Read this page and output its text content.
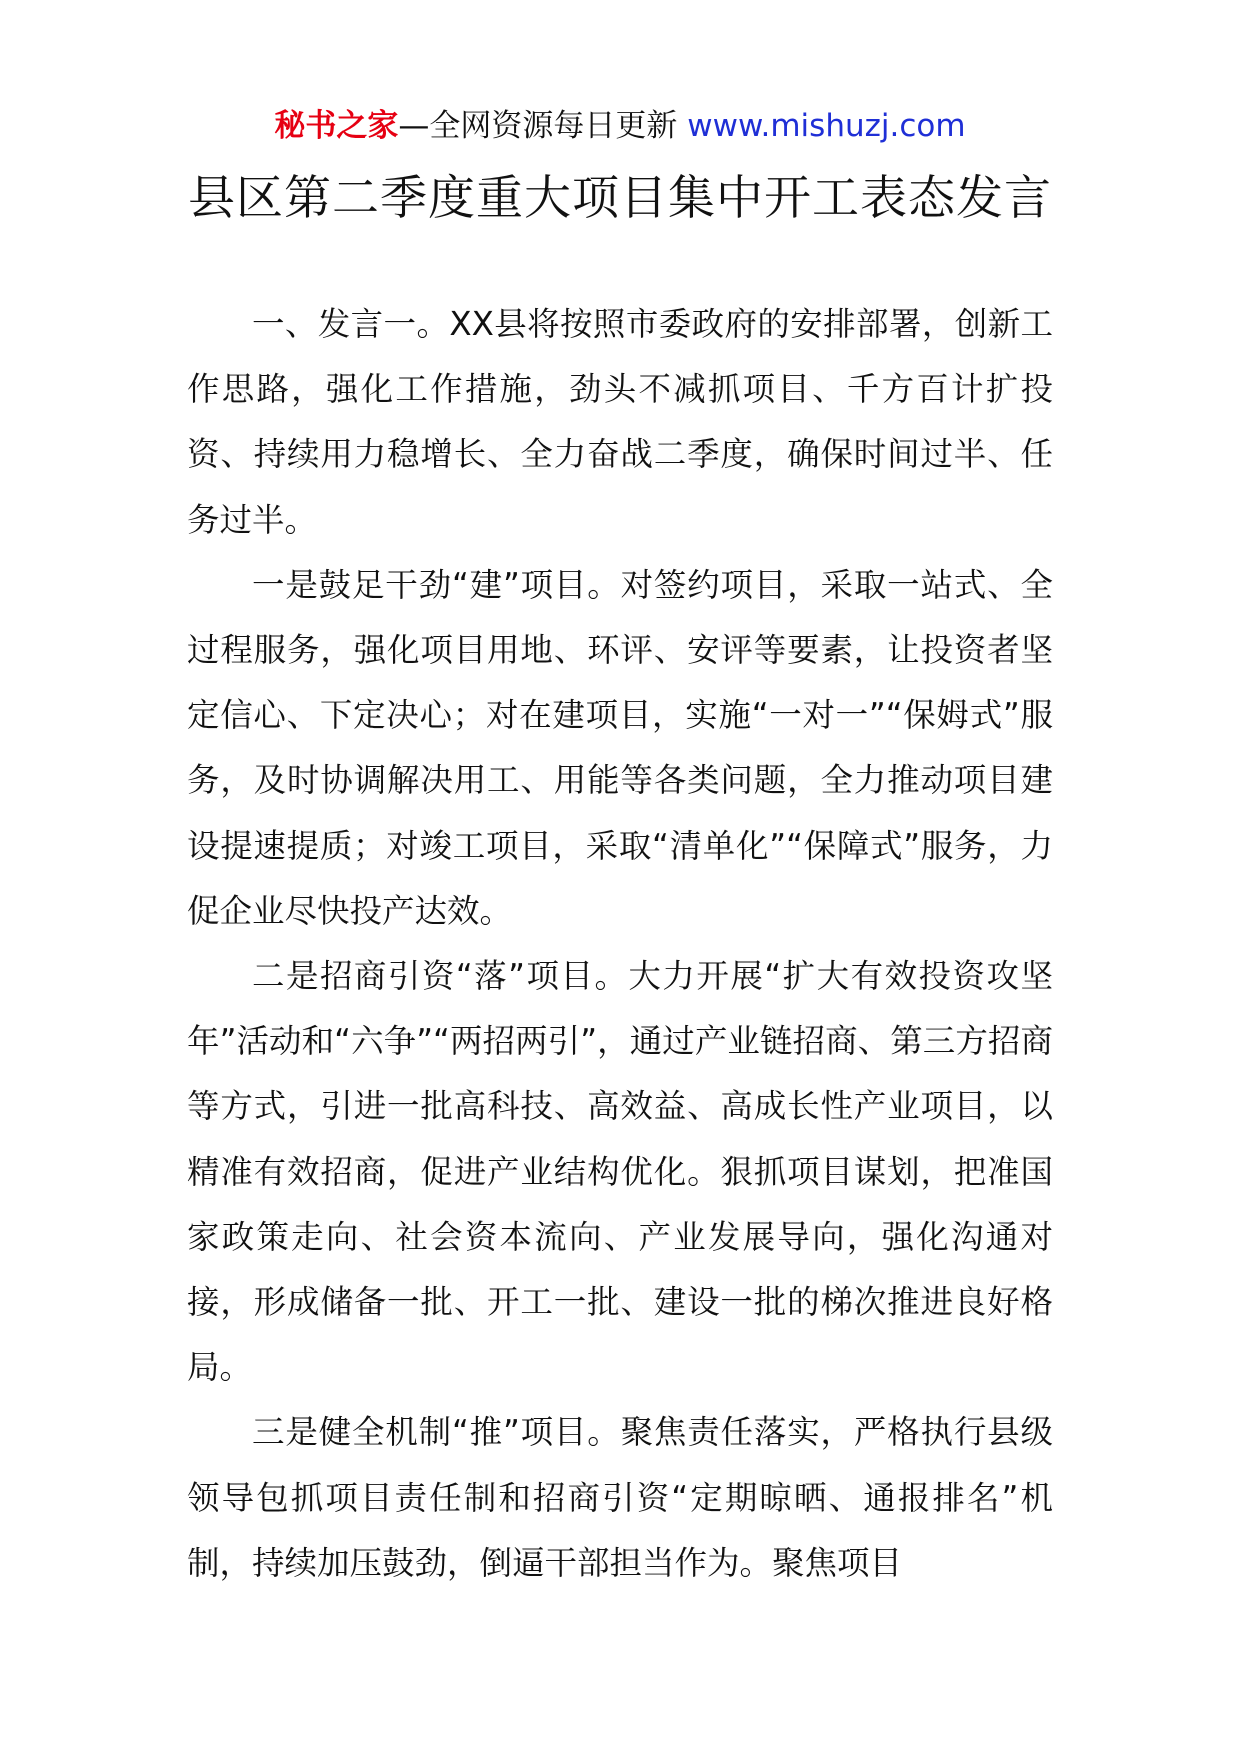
秘书之家—全网资源每日更新 www.mishuzj.com
县区第二季度重大项目集中开工表态发言

一、发言一。XX县将按照市委政府的安排部署，创新工作思路，强化工作措施，劲头不减抓项目、千方百计扩投资、持续用力稳增长、全力奋战二季度，确保时间过半、任务过半。

一是鼓足干劲“建”项目。对签约项目，采取一站式、全过程服务，强化项目用地、环评、安评等要素，让投资者坚定信心、下定决心；对在建项目，实施“一对一”“保姆式”服务，及时协调解决用工、用能等各类问题，全力推动项目建设提速提质；对竣工项目，采取“清单化”“保障式”服务，力促企业尽快投产达效。

二是招商引资“落”项目。大力开展“扩大有效投资攻坚年”活动和“六争”“两招两引”，通过产业链招商、第三方招商等方式，引进一批高科技、高效益、高成长性产业项目，以精准有效招商，促进产业结构优化。狠抓项目谋划，把准国家政策走向、社会资本流向、产业发展导向，强化沟通对接，形成储备一批、开工一批、建设一批的梯次推进良好格局。

三是健全机制“推”项目。聚焦责任落实，严格执行县级领导包抓项目责任制和招商引资“定期晾晒、通报排名”机制，持续加压鼓劲，倒逼干部担当作为。聚焦项目
